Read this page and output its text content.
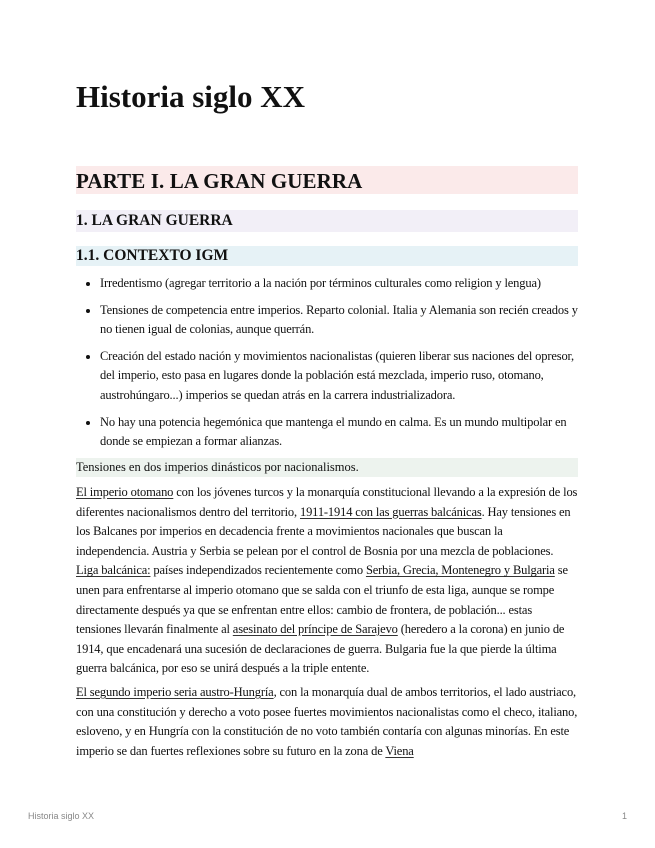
Historia siglo XX
PARTE I. LA GRAN GUERRA
1. LA GRAN GUERRA
1.1. CONTEXTO IGM
• Irredentismo (agregar territorio a la nación por términos culturales como religion y lengua)
• Tensiones de competencia entre imperios. Reparto colonial. Italia y Alemania son recién creados y no tienen igual de colonias, aunque querrán.
• Creación del estado nación y movimientos nacionalistas (quieren liberar sus naciones del opresor, del imperio, esto pasa en lugares donde la población está mezclada, imperio ruso, otomano, austrohúngaro...) imperios se quedan atrás en la carrera industrializadora.
• No hay una potencia hegemónica que mantenga el mundo en calma. Es un mundo multipolar en donde se empiezan a formar alianzas.

Tensiones en dos imperios dinásticos por nacionalismos.

El imperio otomano con los jóvenes turcos y la monarquía constitucional llevando a la expresión de los diferentes nacionalismos dentro del territorio, 1911-1914 con las guerras balcánicas. Hay tensiones en los Balcanes por imperios en decadencia frente a movimientos nacionales que buscan la independencia. Austria y Serbia se pelean por el control de Bosnia por una mezcla de poblaciones. Liga balcánica: países independizados recientemente como Serbia, Grecia, Montenegro y Bulgaria se unen para enfrentarse al imperio otomano que se salda con el triunfo de esta liga, aunque se rompe directamente después ya que se enfrentan entre ellos: cambio de frontera, de población... estas tensiones llevarán finalmente al asesinato del príncipe de Sarajevo (heredero a la corona) en junio de 1914, que encadenará una sucesión de declaraciones de guerra. Bulgaria fue la que pierde la última guerra balcánica, por eso se unirá después a la triple entente.

El segundo imperio seria austro-Hungría, con la monarquía dual de ambos territorios, el lado austriaco, con una constitución y derecho a voto posee fuertes movimientos nacionalistas como el checo, italiano, esloveno, y en Hungría con la constitución de no voto también contaría con algunas minorías. En este imperio se dan fuertes reflexiones sobre su futuro en la zona de Viena

Historia siglo XX	1
